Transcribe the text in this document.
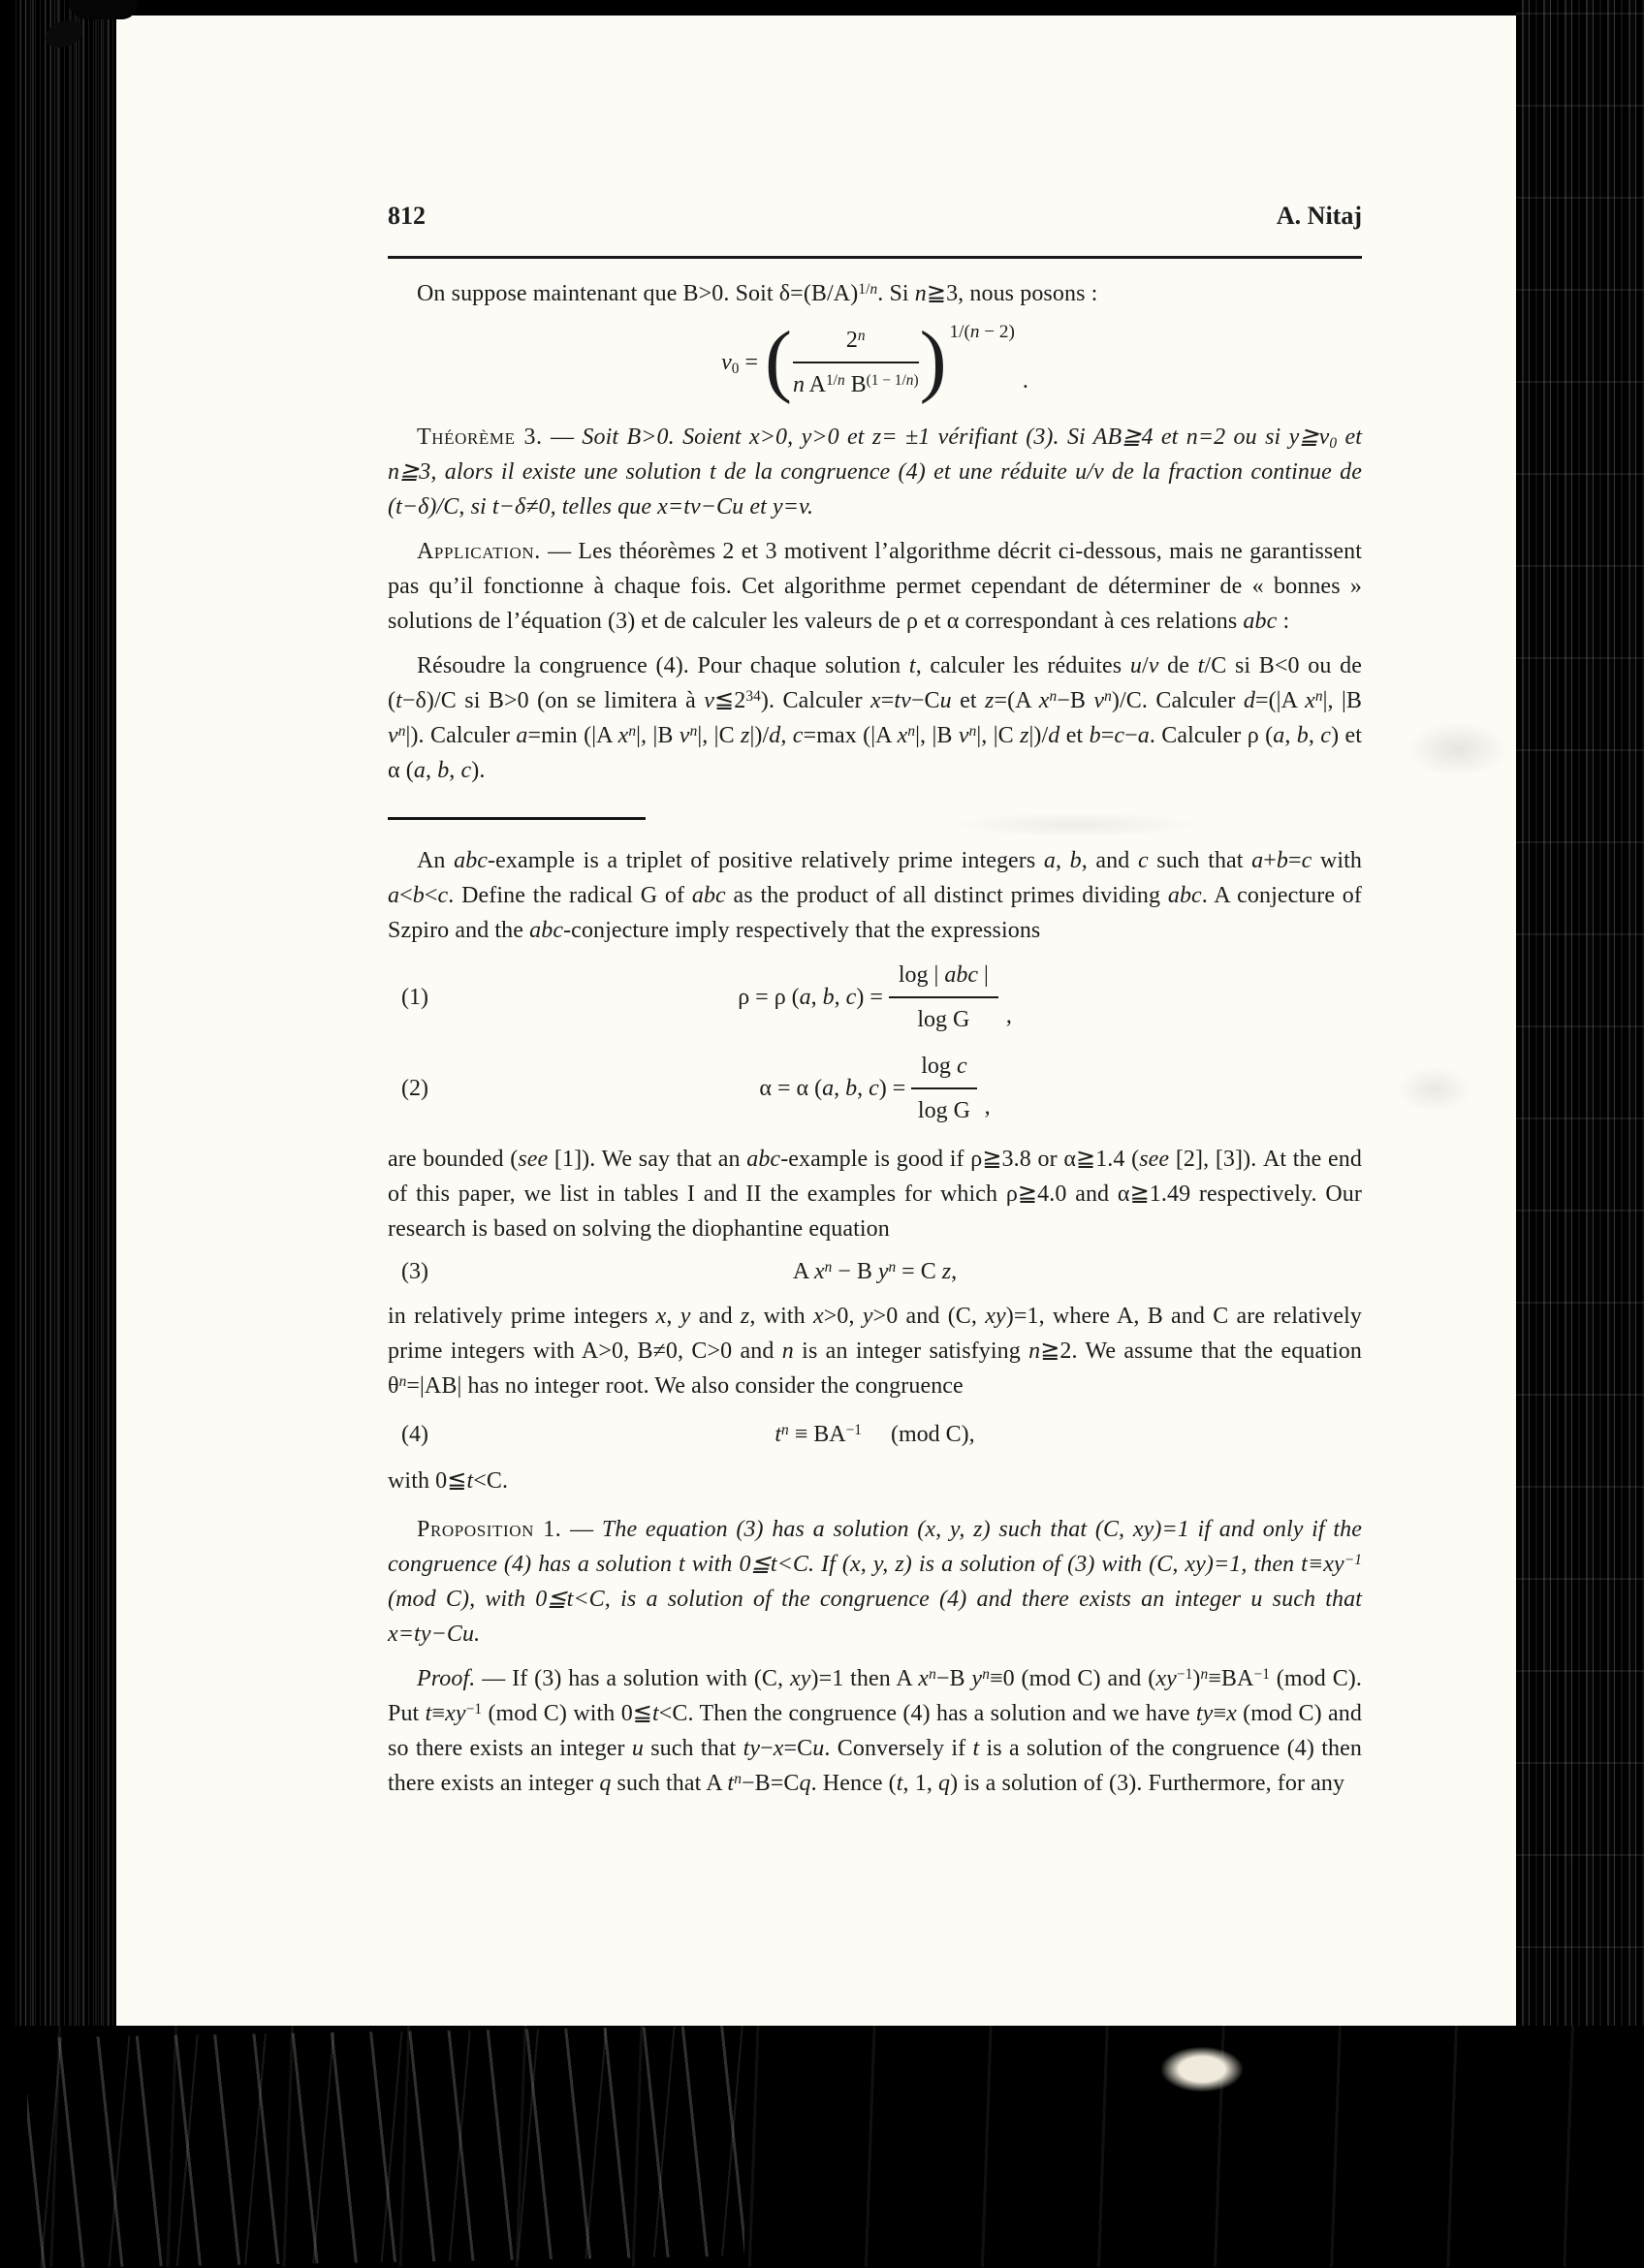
812	A. Nitaj
On suppose maintenant que B>0. Soit $\delta=(B/A)^{1/n}$. Si n≧3, nous posons :
$v_0$ = ( $\frac{2^n}{n A^{1/n} B^{(1 - 1/n)}}$ ) 1/(n − 2)
.
Théorème 3. — Soit B>0. Soient x>0, y>0 et z= ±1 vérifiant (3). Si AB≧4 et n=2 ou si $y≧v_0$ et n≧3, alors il existe une solution t de la congruence (4) et une réduite u/v de la fraction continue de (t−δ)/C, si t−δ≠0, telles que x=tv−Cu et y=v.
Application. — Les théorèmes 2 et 3 motivent l’algorithme décrit ci-dessous, mais ne garantissent pas qu’il fonctionne à chaque fois. Cet algorithme permet cependant de déterminer de « bonnes » solutions de l’équation (3) et de calculer les valeurs de ρ et α correspondant à ces relations abc :
Résoudre la congruence (4). Pour chaque solution t, calculer les réduites u/v de t/C si B<0 ou de (t−δ)/C si B>0 (on se limitera à $v≦2^{34}$). Calculer x=tv−Cu et z=(A $x^n-B$ $v^n)/C$. Calculer d=(|A $x^n|$, |B $v^n|$). Calculer a=min (|A $x^n|$, |B $v^n|$, |C z|)/d, c=max (|A $x^n|$, |B $v^n|$, |C z|)/d et b=c−a. Calculer ρ (a, b, c) et α (a, b, c).
An abc-example is a triplet of positive relatively prime integers a, b, and c such that a+b=c with a<b<c. Define the radical G of abc as the product of all distinct primes dividing abc. A conjecture of Szpiro and the abc-conjecture imply respectively that the expressions
(1)	ρ = ρ (a, b, $c) = \frac{\text{log | abc |}}{\text{log G}}$ ,
(2)	α = α (a, b, $c) = \frac{\text{log c}}{\text{log G}}$ ,
are bounded (see [1]). We say that an abc-example is good if ρ≧3.8 or α≧1.4 (see [2], [3]). At the end of this paper, we list in tables I and II the examples for which ρ≧4.0 and α≧1.49 respectively. Our research is based on solving the diophantine equation
(3)	A $x^n - B$ $y^n = C$ z,
in relatively prime integers x, y and z, with x>0, y>0 and (C, xy)=1, where A, B and C are relatively prime integers with A>0, B≠0, C>0 and n is an integer satisfying n≧2. We assume that the equation $\theta^n=|AB|$ has no integer root. We also consider the congruence
(4)	$t^n \equiv BA^{-1}$ (mod C),
with 0≦t<C.
Proposition 1. — The equation (3) has a solution (x, y, z) such that (C, xy)=1 if and only if the congruence (4) has a solution t with 0≦t<C. If (x, y, z) is a solution of (3) with (C, xy)=1, then $t\equiv xy^{-1}$ (mod C), with 0≦t<C, is a solution of the congruence (4) and there exists an integer u such that x=ty−Cu.
Proof. — If (3) has a solution with (C, xy)=1 then A $x^n-B$ $y^n\equiv 0$ (mod C) and $(xy^{-1})^n\equiv BA^{-1}$ (mod C). Put $t\equiv xy^{-1}$ (mod C) with 0≦t<C. Then the congruence (4) has a solution and we have ty≡x (mod C) and so there exists an integer u such that ty−x=Cu. Conversely if t is a solution of the congruence (4) then there exists an integer q such that A $t^n-B=Cq$. Hence (t, 1, q) is a solution of (3). Furthermore, for any
